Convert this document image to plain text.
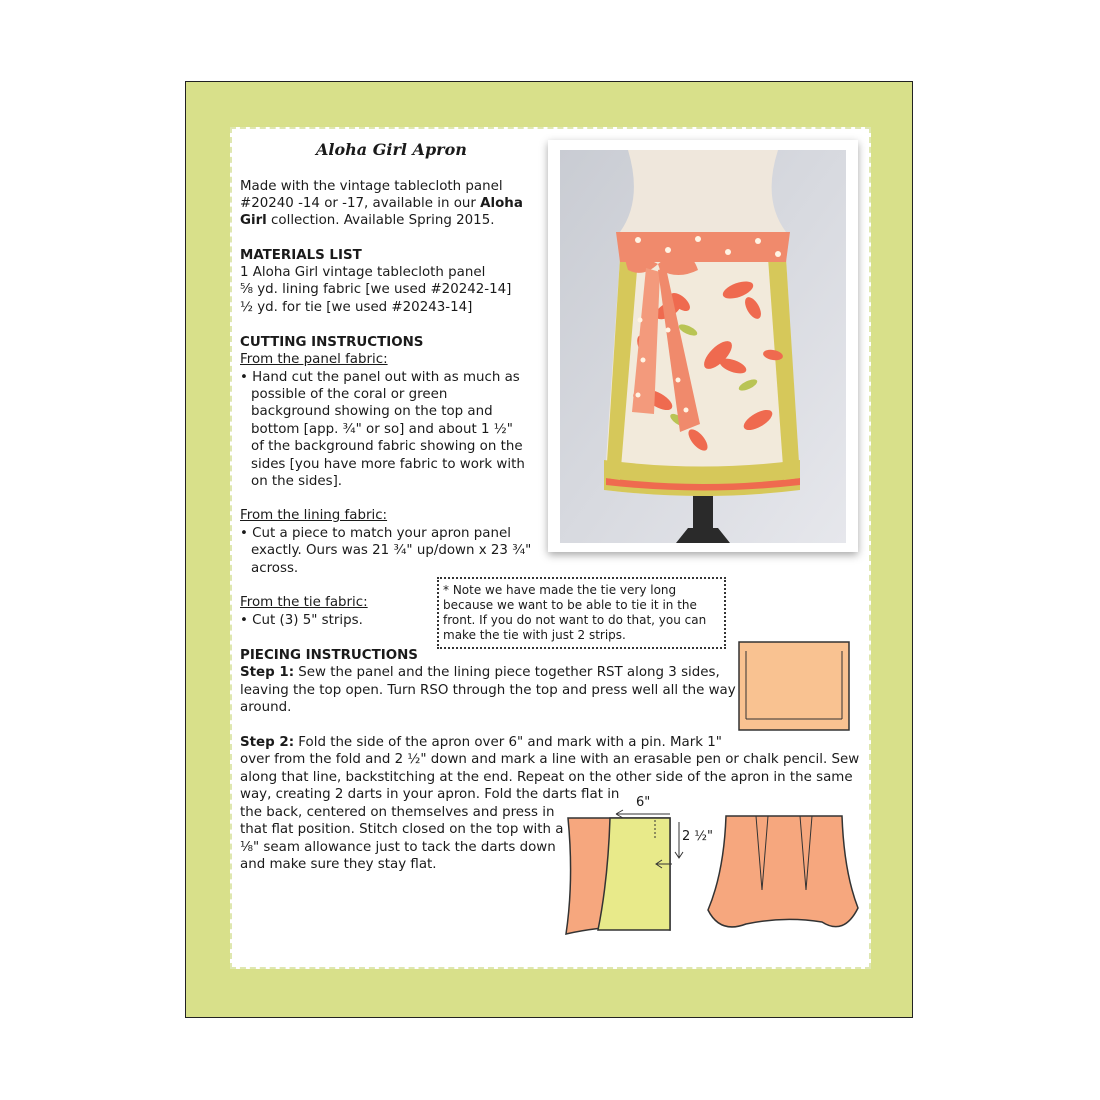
Aloha Girl Apron
Made with the vintage tablecloth panel
#20240 -14 or -17, available in our Aloha
Girl collection. Available Spring 2015.
MATERIALS LIST
1 Aloha Girl vintage tablecloth panel
⅝ yd. lining fabric [we used #20242-14]
½ yd. for tie [we used #20243-14]
CUTTING INSTRUCTIONS
From the panel fabric:
• Hand cut the panel out with as much as
possible of the coral or green
background showing on the top and
bottom [app. ¾" or so] and about 1 ½"
of the background fabric showing on the
sides [you have more fabric to work with
on the sides].
From the lining fabric:
• Cut a piece to match your apron panel
exactly. Ours was 21 ¾" up/down x 23 ¾"
across.
From the tie fabric:
• Cut (3) 5" strips.
* Note we have made the tie very long
because we want to be able to tie it in the
front. If you do not want to do that, you can
make the tie with just 2 strips.
PIECING INSTRUCTIONS
Step 1: Sew the panel and the lining piece together RST along 3 sides,
leaving the top open. Turn RSO through the top and press well all the way
around.
Step 2: Fold the side of the apron over 6" and mark with a pin. Mark 1"
over from the fold and 2 ½" down and mark a line with an erasable pen or chalk pencil. Sew
along that line, backstitching at the end. Repeat on the other side of the apron in the same
way, creating 2 darts in your apron. Fold the darts flat in
the back, centered on themselves and press in
that flat position. Stitch closed on the top with a
⅛" seam allowance just to tack the darts down
and make sure they stay flat.
6"
2 ½"
